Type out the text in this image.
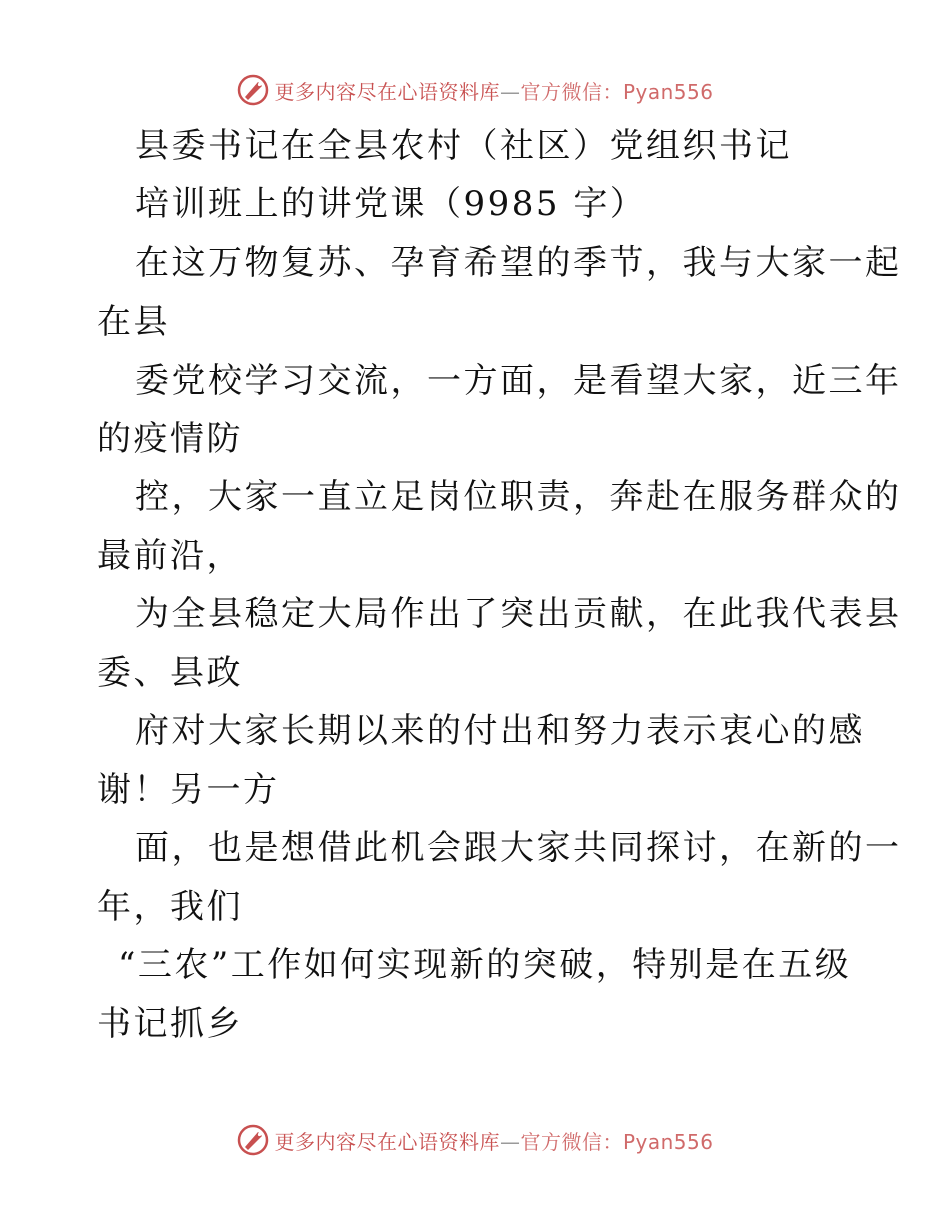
更多内容尽在心语资料库—官方微信：Pyan556
县委书记在全县农村（社区）党组织书记
培训班上的讲党课（9985 字）
在这万物复苏、孕育希望的季节，我与大家一起
在县
委党校学习交流，一方面，是看望大家，近三年
的疫情防
控，大家一直立足岗位职责，奔赴在服务群众的
最前沿，
为全县稳定大局作出了突出贡献，在此我代表县
委、县政
府对大家长期以来的付出和努力表示衷心的感
谢！另一方
面，也是想借此机会跟大家共同探讨，在新的一
年，我们
“三农”工作如何实现新的突破，特别是在五级
书记抓乡
更多内容尽在心语资料库—官方微信：Pyan556
